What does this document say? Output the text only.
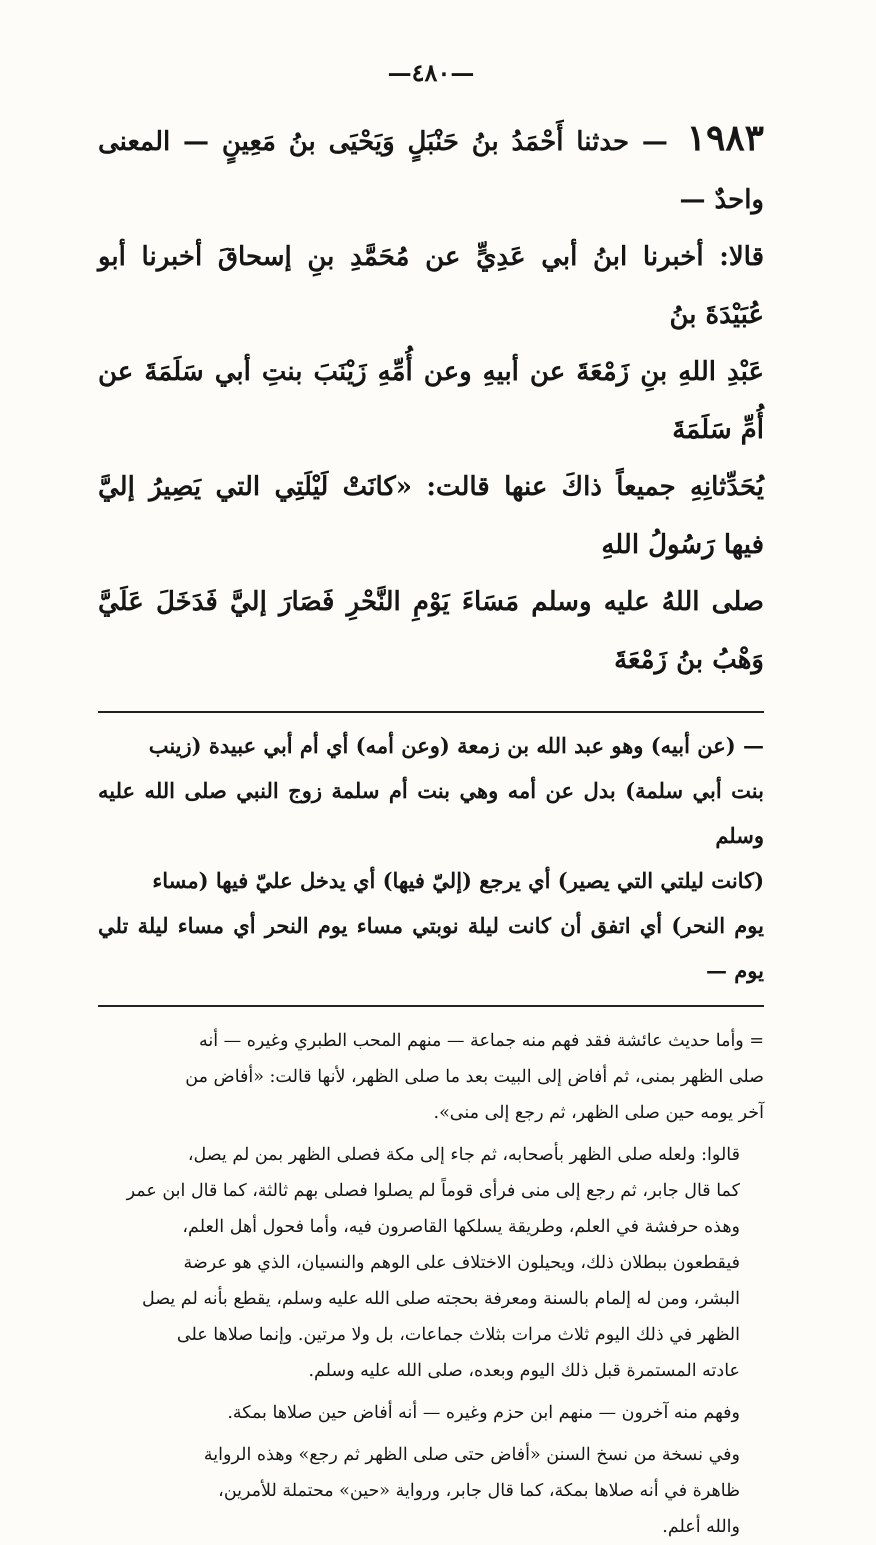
—٤٨٠—
١٩٨٣ — حدثنا أَحْمَدُ بنُ حَنْبَلٍ وَيَحْيَى بنُ مَعِينٍ — المعنى واحدٌ —
قالا: أخبرنا ابنُ أبي عَدِيٍّ عن مُحَمَّدِ بنِ إسحاقَ أخبرنا أبو عُبَيْدَةَ بنُ
عَبْدِ اللهِ بنِ زَمْعَةَ عن أبيهِ وعن أُمِّهِ زَيْنَبَ بنتِ أبي سَلَمَةَ عن أُمِّ سَلَمَةَ
يُحَدِّثانِهِ جميعاً ذاكَ عنها قالت: «كانَتْ لَيْلَتِي التي يَصِيرُ إليَّ فيها رَسُولُ اللهِ
صلى اللهُ عليه وسلم مَسَاءَ يَوْمِ النَّحْرِ فَصَارَ إليَّ فَدَخَلَ عَلَيَّ وَهْبُ بنُ زَمْعَةَ
— (عن أبيه) وهو عبد الله بن زمعة (وعن أمه) أي أم أبي عبيدة (زينب
بنت أبي سلمة) بدل عن أمه وهي بنت أم سلمة زوج النبي صلى الله عليه وسلم
(كانت ليلتي التي يصير) أي يرجع (إليّ فيها) أي يدخل عليّ فيها (مساء
يوم النحر) أي اتفق أن كانت ليلة نوبتي مساء يوم النحر أي مساء ليلة تلي يوم —

= وأما حديث عائشة فقد فهم منه جماعة — منهم المحب الطبري وغيره — أنه
صلى الظهر بمنى، ثم أفاض إلى البيت بعد ما صلى الظهر، لأنها قالت: «أفاض من
آخر يومه حين صلى الظهر، ثم رجع إلى منى».

قالوا: ولعله صلى الظهر بأصحابه، ثم جاء إلى مكة فصلى الظهر بمن لم يصل،
كما قال جابر، ثم رجع إلى منى فرأى قوماً لم يصلوا فصلى بهم ثالثة، كما قال ابن عمر
وهذه حرفشة في العلم، وطريقة يسلكها القاصرون فيه، وأما فحول أهل العلم،
فيقطعون ببطلان ذلك، ويحيلون الاختلاف على الوهم والنسيان، الذي هو عرضة
البشر، ومن له إلمام بالسنة ومعرفة بحجته صلى الله عليه وسلم، يقطع بأنه لم يصل
الظهر في ذلك اليوم ثلاث مرات بثلاث جماعات، بل ولا مرتين. وإنما صلاها على
عادته المستمرة قبل ذلك اليوم وبعده، صلى الله عليه وسلم.

وفهم منه آخرون — منهم ابن حزم وغيره — أنه أفاض حين صلاها بمكة.

وفي نسخة من نسخ السنن «أفاض حتى صلى الظهر ثم رجع» وهذه الرواية
ظاهرة في أنه صلاها بمكة، كما قال جابر، ورواية «حين» محتملة للأمرين،
والله أعلم.
